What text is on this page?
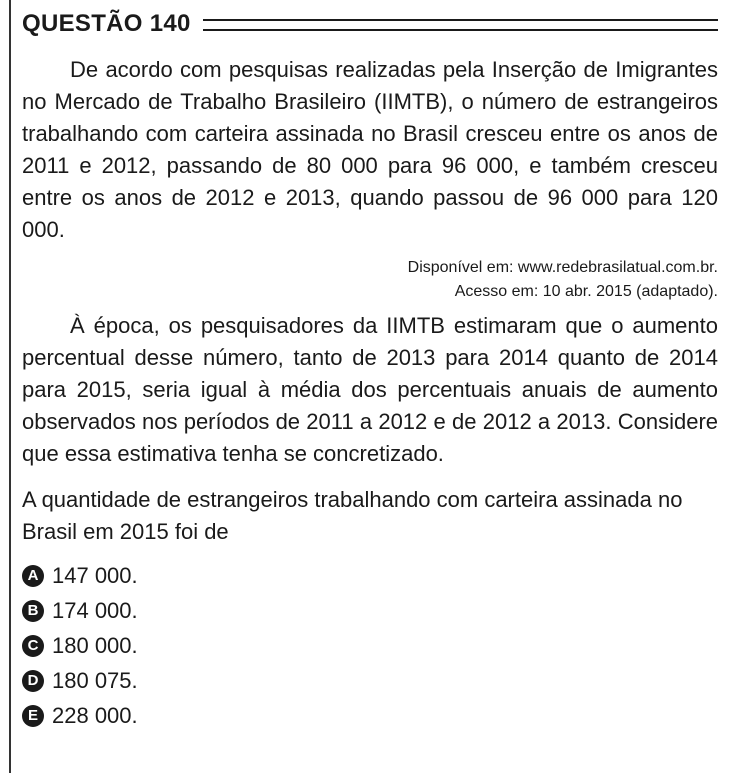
QUESTÃO 140

De acordo com pesquisas realizadas pela Inserção de Imigrantes no Mercado de Trabalho Brasileiro (IIMTB), o número de estrangeiros trabalhando com carteira assinada no Brasil cresceu entre os anos de 2011 e 2012, passando de 80 000 para 96 000, e também cresceu entre os anos de 2012 e 2013, quando passou de 96 000 para 120 000.

Disponível em: www.redebrasilatual.com.br.
Acesso em: 10 abr. 2015 (adaptado).

À época, os pesquisadores da IIMTB estimaram que o aumento percentual desse número, tanto de 2013 para 2014 quanto de 2014 para 2015, seria igual à média dos percentuais anuais de aumento observados nos períodos de 2011 a 2012 e de 2012 a 2013. Considere que essa estimativa tenha se concretizado.

A quantidade de estrangeiros trabalhando com carteira assinada no Brasil em 2015 foi de

A 147 000.
B 174 000.
C 180 000.
D 180 075.
E 228 000.
